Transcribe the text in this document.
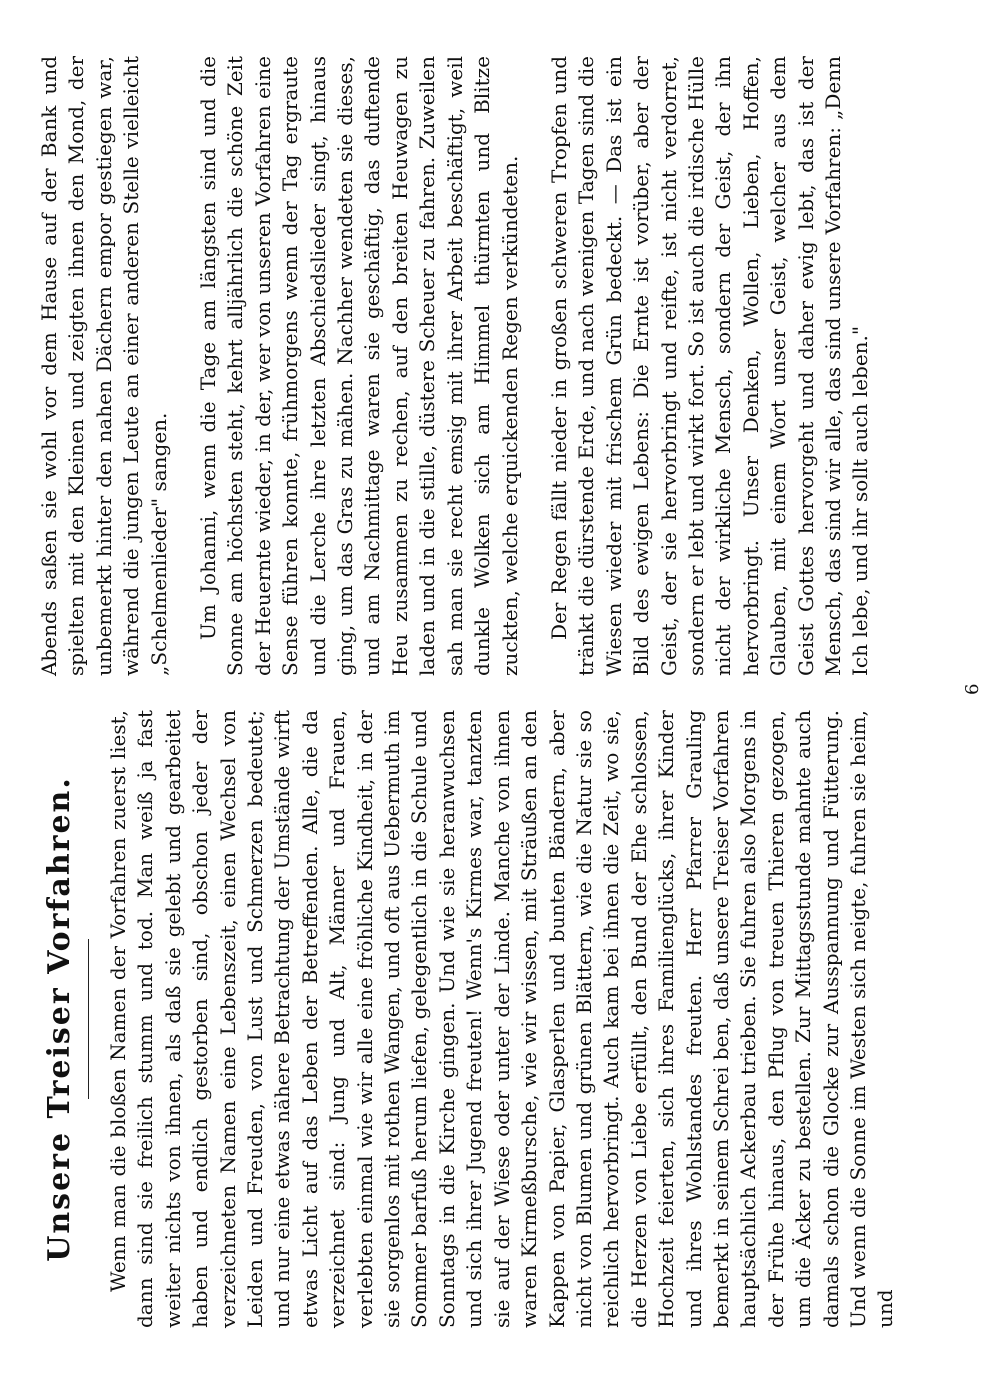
Unsere Treiser Vorfahren. Wenn man die bloßen Namen der Vorfahren zuerst liest, dann sind sie freilich stumm und tod. Man weiß ja fast weiter nichts von ihnen, als daß sie gelebt und gearbeitet haben und endlich gestorben sind, obschon jeder der verzeichneten Namen eine Lebenszeit, einen Wechsel von Leiden und Freuden, von Lust und Schmerzen bedeutet; und nur eine etwas nähere Betrachtung der Umstände wirft etwas Licht auf das Leben der Betreffenden. Alle, die da verzeichnet sind: Jung und Alt, Männer und Frauen, verlebten einmal wie wir alle eine fröhliche Kindheit, in der sie sorgenlos mit rothen Wangen, und oft aus Uebermuth im Sommer barfuß herum liefen, gelegentlich in die Schule und Sonntags in die Kirche gingen. Und wie sie heranwuchsen und sich ihrer Jugend freuten! Wenn's Kirmes war, tanzten sie auf der Wiese oder unter der Linde. Manche von ihnen waren Kirmeßbursche, wie wir wissen, mit Sträußen an den Kappen von Papier, Glasperlen und bunten Bändern, aber nicht von Blumen und grünen Blättern, wie die Natur sie so reichlich hervorbringt. Auch kam bei ihnen die Zeit, wo sie, die Herzen von Liebe erfüllt, den Bund der Ehe schlossen, Hochzeit feierten, sich ihres Familienglücks, ihrer Kinder und ihres Wohlstandes freuten. Herr Pfarrer Grauling bemerkt in seinem Schrei ben, daß unsere Treiser Vorfahren hauptsächlich Ackerbau trieben. Sie fuhren also Morgens in der Frühe hinaus, den Pflug von treuen Thieren gezogen, um die Äcker zu bestellen. Zur Mittagsstunde mahnte auch damals schon die Glocke zur Ausspannung und Fütterung. Und wenn die Sonne im Westen sich neigte, fuhren sie heim, und

Abends saßen sie wohl vor dem Hause auf der Bank und spielten mit den Kleinen und zeigten ihnen den Mond, der unbemerkt hinter den nahen Dächern empor gestiegen war, während die jungen Leute an einer anderen Stelle vielleicht „Schelmenlieder" sangen. Um Johanni, wenn die Tage am längsten sind und die Sonne am höchsten steht, kehrt alljährlich die schöne Zeit der Heuernte wieder, in der, wer von unseren Vorfahren eine Sense führen konnte, frühmorgens wenn der Tag ergraute und die Lerche ihre letzten Abschiedslieder singt, hinaus ging, um das Gras zu mähen. Nachher wendeten sie dieses, und am Nachmittage waren sie geschäftig, das duftende Heu zusammen zu rechen, auf den breiten Heuwagen zu laden und in die stille, düstere Scheuer zu fahren. Zuweilen sah man sie recht emsig mit ihrer Arbeit beschäftigt, weil dunkle Wolken sich am Himmel thürmten und Blitze zuckten, welche erquickenden Regen verkündeten. Der Regen fällt nieder in großen schweren Tropfen und tränkt die dürstende Erde, und nach wenigen Tagen sind die Wiesen wieder mit frischem Grün bedeckt. — Das ist ein Bild des ewigen Lebens: Die Ernte ist vorüber, aber der Geist, der sie hervorbringt und reifte, ist nicht verdorret, sondern er lebt und wirkt fort. So ist auch die irdische Hülle nicht der wirkliche Mensch, sondern der Geist, der ihn hervorbringt. Unser Denken, Wollen, Lieben, Hoffen, Glauben, mit einem Wort unser Geist, welcher aus dem Geist Gottes hervorgeht und daher ewig lebt, das ist der Mensch, das sind wir alle, das sind unsere Vorfahren: „Denn Ich lebe, und ihr sollt auch leben."

6
